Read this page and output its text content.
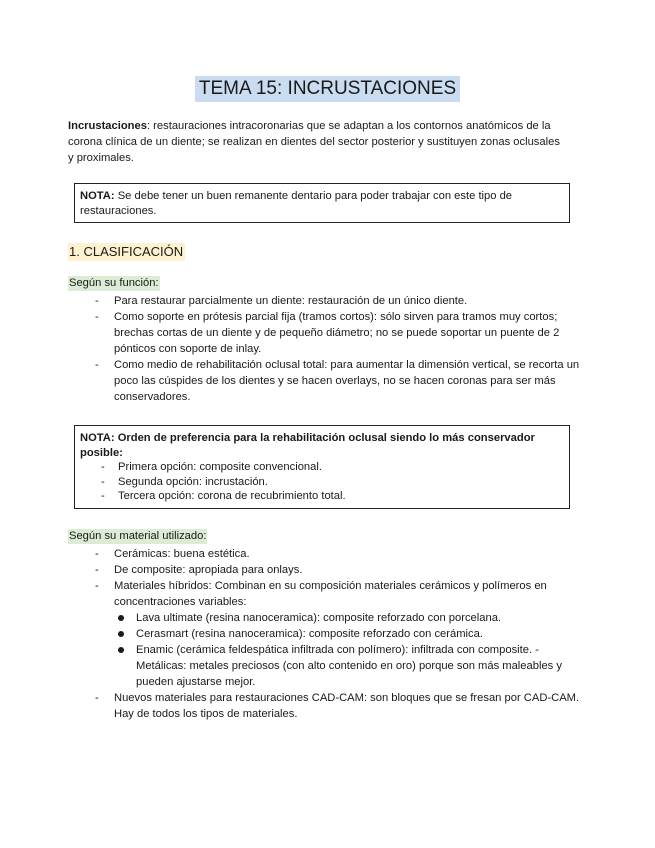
TEMA 15: INCRUSTACIONES
Incrustaciones: restauraciones intracoronarias que se adaptan a los contornos anatómicos de la corona clínica de un diente; se realizan en dientes del sector posterior y sustituyen zonas oclusales y proximales.
NOTA: Se debe tener un buen remanente dentario para poder trabajar con este tipo de restauraciones.
1. CLASIFICACIÓN
Según su función:
- Para restaurar parcialmente un diente: restauración de un único diente.
- Como soporte en prótesis parcial fija (tramos cortos): sólo sirven para tramos muy cortos; brechas cortas de un diente y de pequeño diámetro; no se puede soportar un puente de 2 pónticos con soporte de inlay.
- Como medio de rehabilitación oclusal total: para aumentar la dimensión vertical, se recorta un poco las cúspides de los dientes y se hacen overlays, no se hacen coronas para ser más conservadores.
NOTA: Orden de preferencia para la rehabilitación oclusal siendo lo más conservador posible:
- Primera opción: composite convencional.
- Segunda opción: incrustación.
- Tercera opción: corona de recubrimiento total.
Según su material utilizado:
- Cerámicas: buena estética.
- De composite: apropiada para onlays.
- Materiales híbridos: Combinan en su composición materiales cerámicos y polímeros en concentraciones variables:
Lava ultimate (resina nanoceramica): composite reforzado con porcelana.
Cerasmart (resina nanoceramica): composite reforzado con cerámica.
Enamic (cerámica feldespática infiltrada con polímero): infiltrada con composite. - Metálicas: metales preciosos (con alto contenido en oro) porque son más maleables y pueden ajustarse mejor.
- Nuevos materiales para restauraciones CAD-CAM: son bloques que se fresan por CAD-CAM. Hay de todos los tipos de materiales.
